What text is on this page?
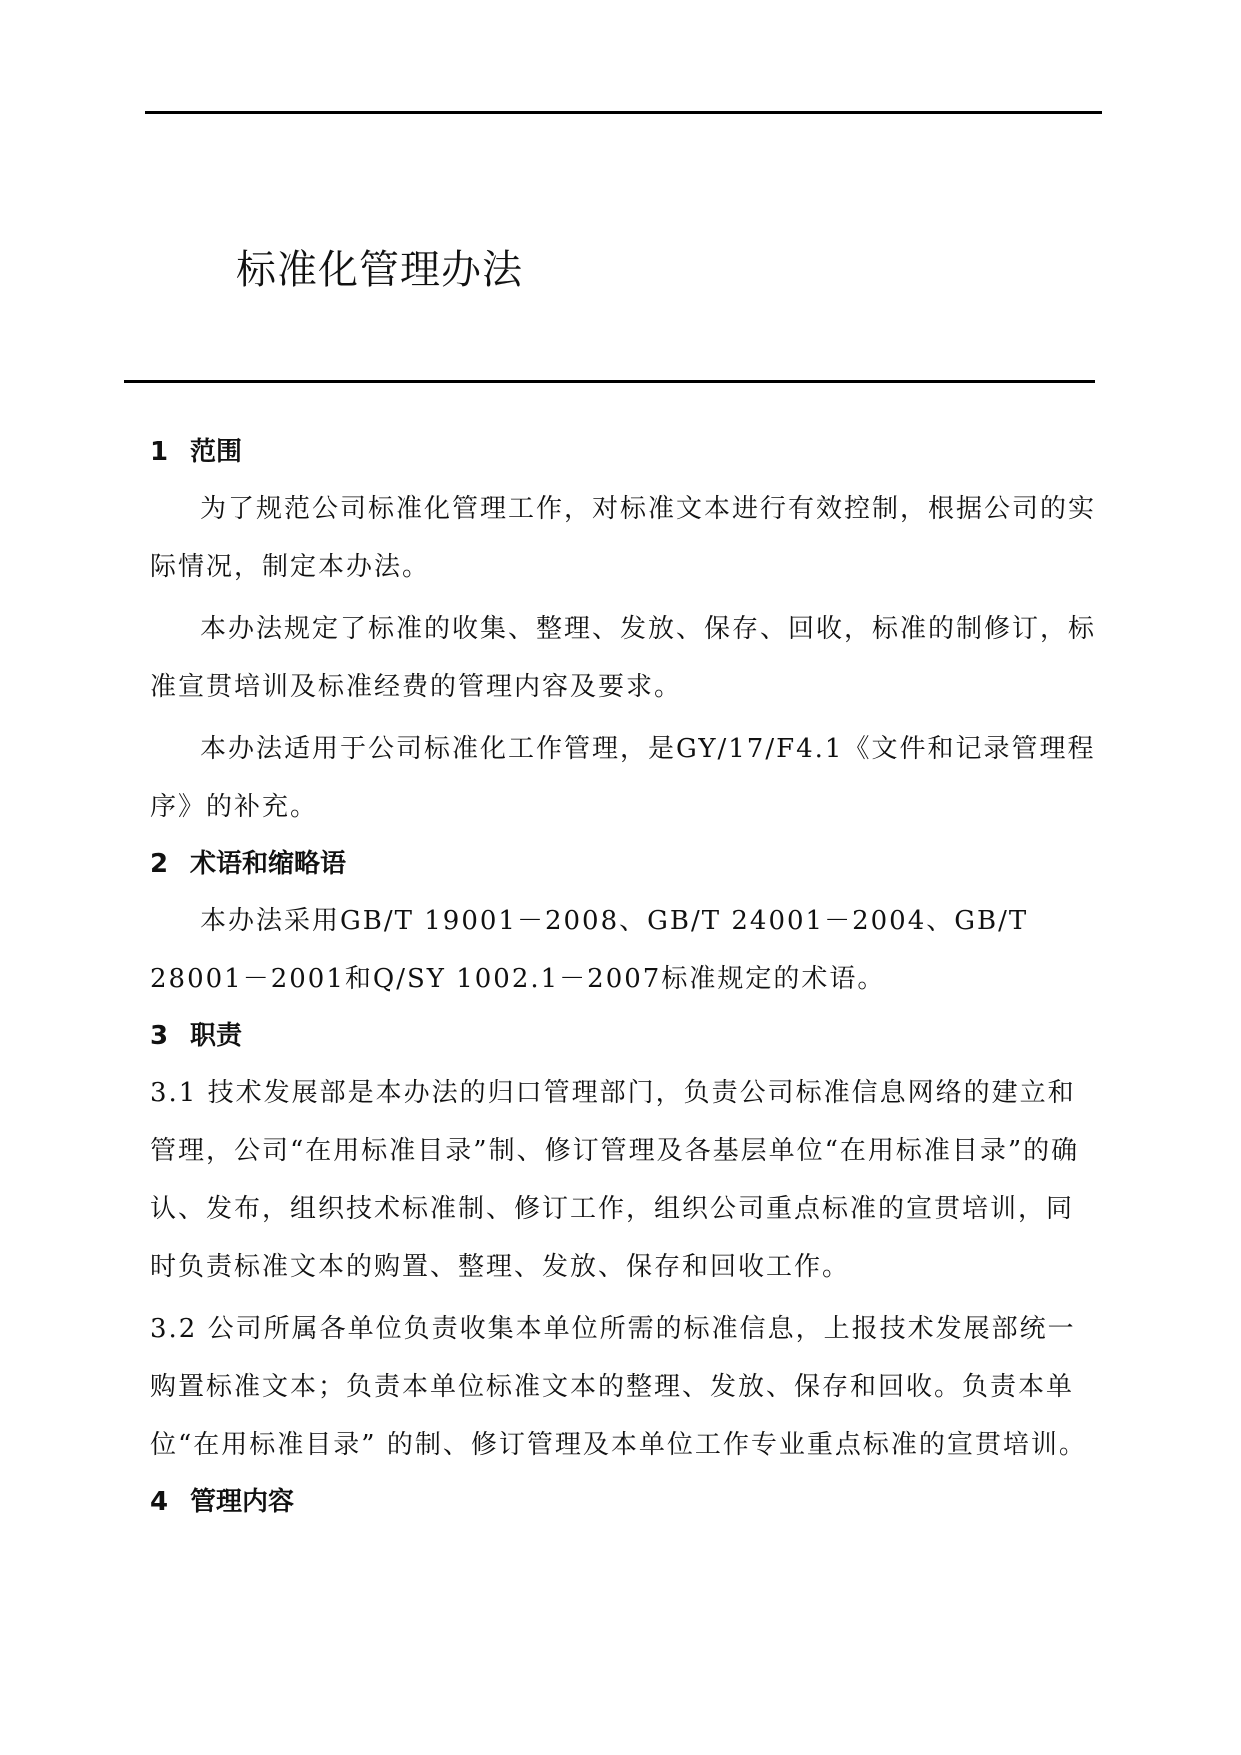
标准化管理办法
1 范围

为了规范公司标准化管理工作，对标准文本进行有效控制，根据公司的实际情况，制定本办法。

本办法规定了标准的收集、整理、发放、保存、回收，标准的制修订，标准宣贯培训及标准经费的管理内容及要求。

本办法适用于公司标准化工作管理，是GY/17/F4.1《文件和记录管理程序》的补充。

2 术语和缩略语

本办法采用GB/T 19001－2008、GB/T 24001－2004、GB/T 28001－2001和Q/SY 1002.1－2007标准规定的术语。

3 职责

3.1 技术发展部是本办法的归口管理部门，负责公司标准信息网络的建立和管理，公司“在用标准目录”制、修订管理及各基层单位“在用标准目录”的确认、发布，组织技术标准制、修订工作，组织公司重点标准的宣贯培训，同时负责标准文本的购置、整理、发放、保存和回收工作。

3.2 公司所属各单位负责收集本单位所需的标准信息，上报技术发展部统一购置标准文本；负责本单位标准文本的整理、发放、保存和回收。负责本单位“在用标准目录” 的制、修订管理及本单位工作专业重点标准的宣贯培训。

4 管理内容
